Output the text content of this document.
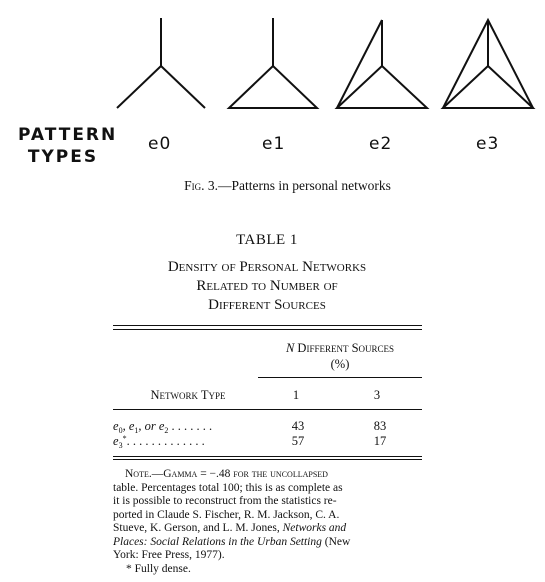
PATTERN
TYPES
e0	e1	e2	e3
Fig. 3.—Patterns in personal networks
TABLE 1
Density of Personal Networks
Related to Number of
Different Sources
N Different Sources
(%)
Network Type	1	3
$e_0$, $e_1$, or $e_2$ . . . . . . .	43	83
$e_3^*$. . . . . . . . . . . . .	57	17
Note.—Gamma = −.48 for the uncollapsed
table. Percentages total 100; this is as complete as
it is possible to reconstruct from the statistics re-
ported in Claude S. Fischer, R. M. Jackson, C. A.
Stueve, K. Gerson, and L. M. Jones, Networks and
Places: Social Relations in the Urban Setting (New
York: Free Press, 1977).
* Fully dense.
